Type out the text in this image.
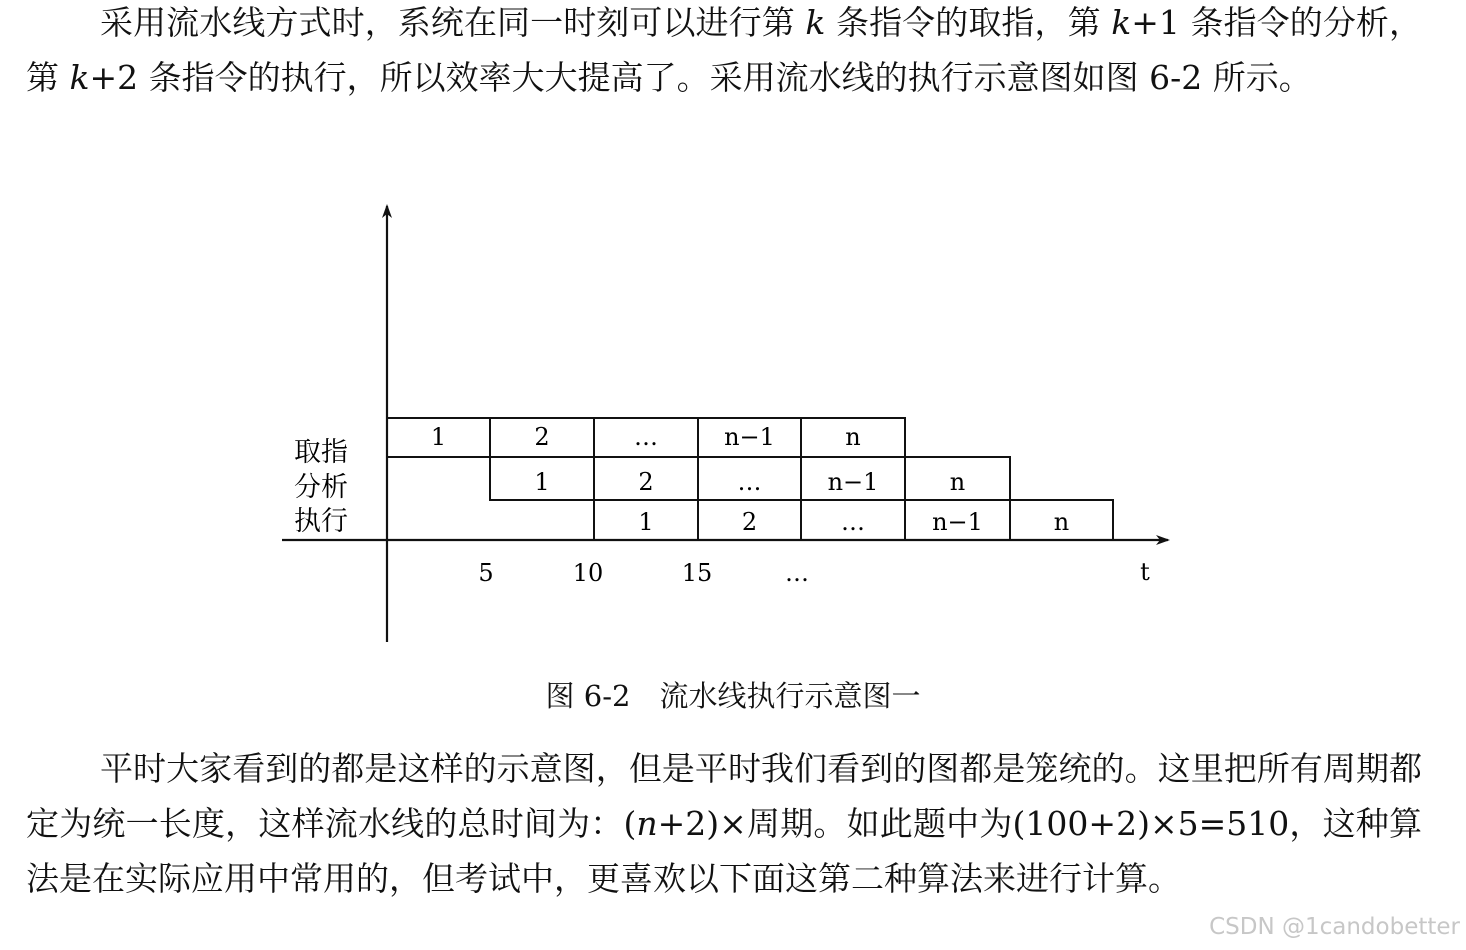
采用流水线方式时，系统在同一时刻可以进行第 k 条指令的取指，第 k+1 条指令的分析，第 k+2 条指令的执行，所以效率大大提高了。采用流水线的执行示意图如图 6-2 所示。

1	2	…	n−1	n
1	2	…	n−1	n
1	2	…	n−1	n
取指
分析
执行
5	10	15	…	t
图 6-2　流水线执行示意图一

平时大家看到的都是这样的示意图，但是平时我们看到的图都是笼统的。这里把所有周期都定为统一长度，这样流水线的总时间为：(n+2)×周期。如此题中为(100+2)×5=510，这种算法是在实际应用中常用的，但考试中，更喜欢以下面这第二种算法来进行计算。

CSDN @1candobetter
